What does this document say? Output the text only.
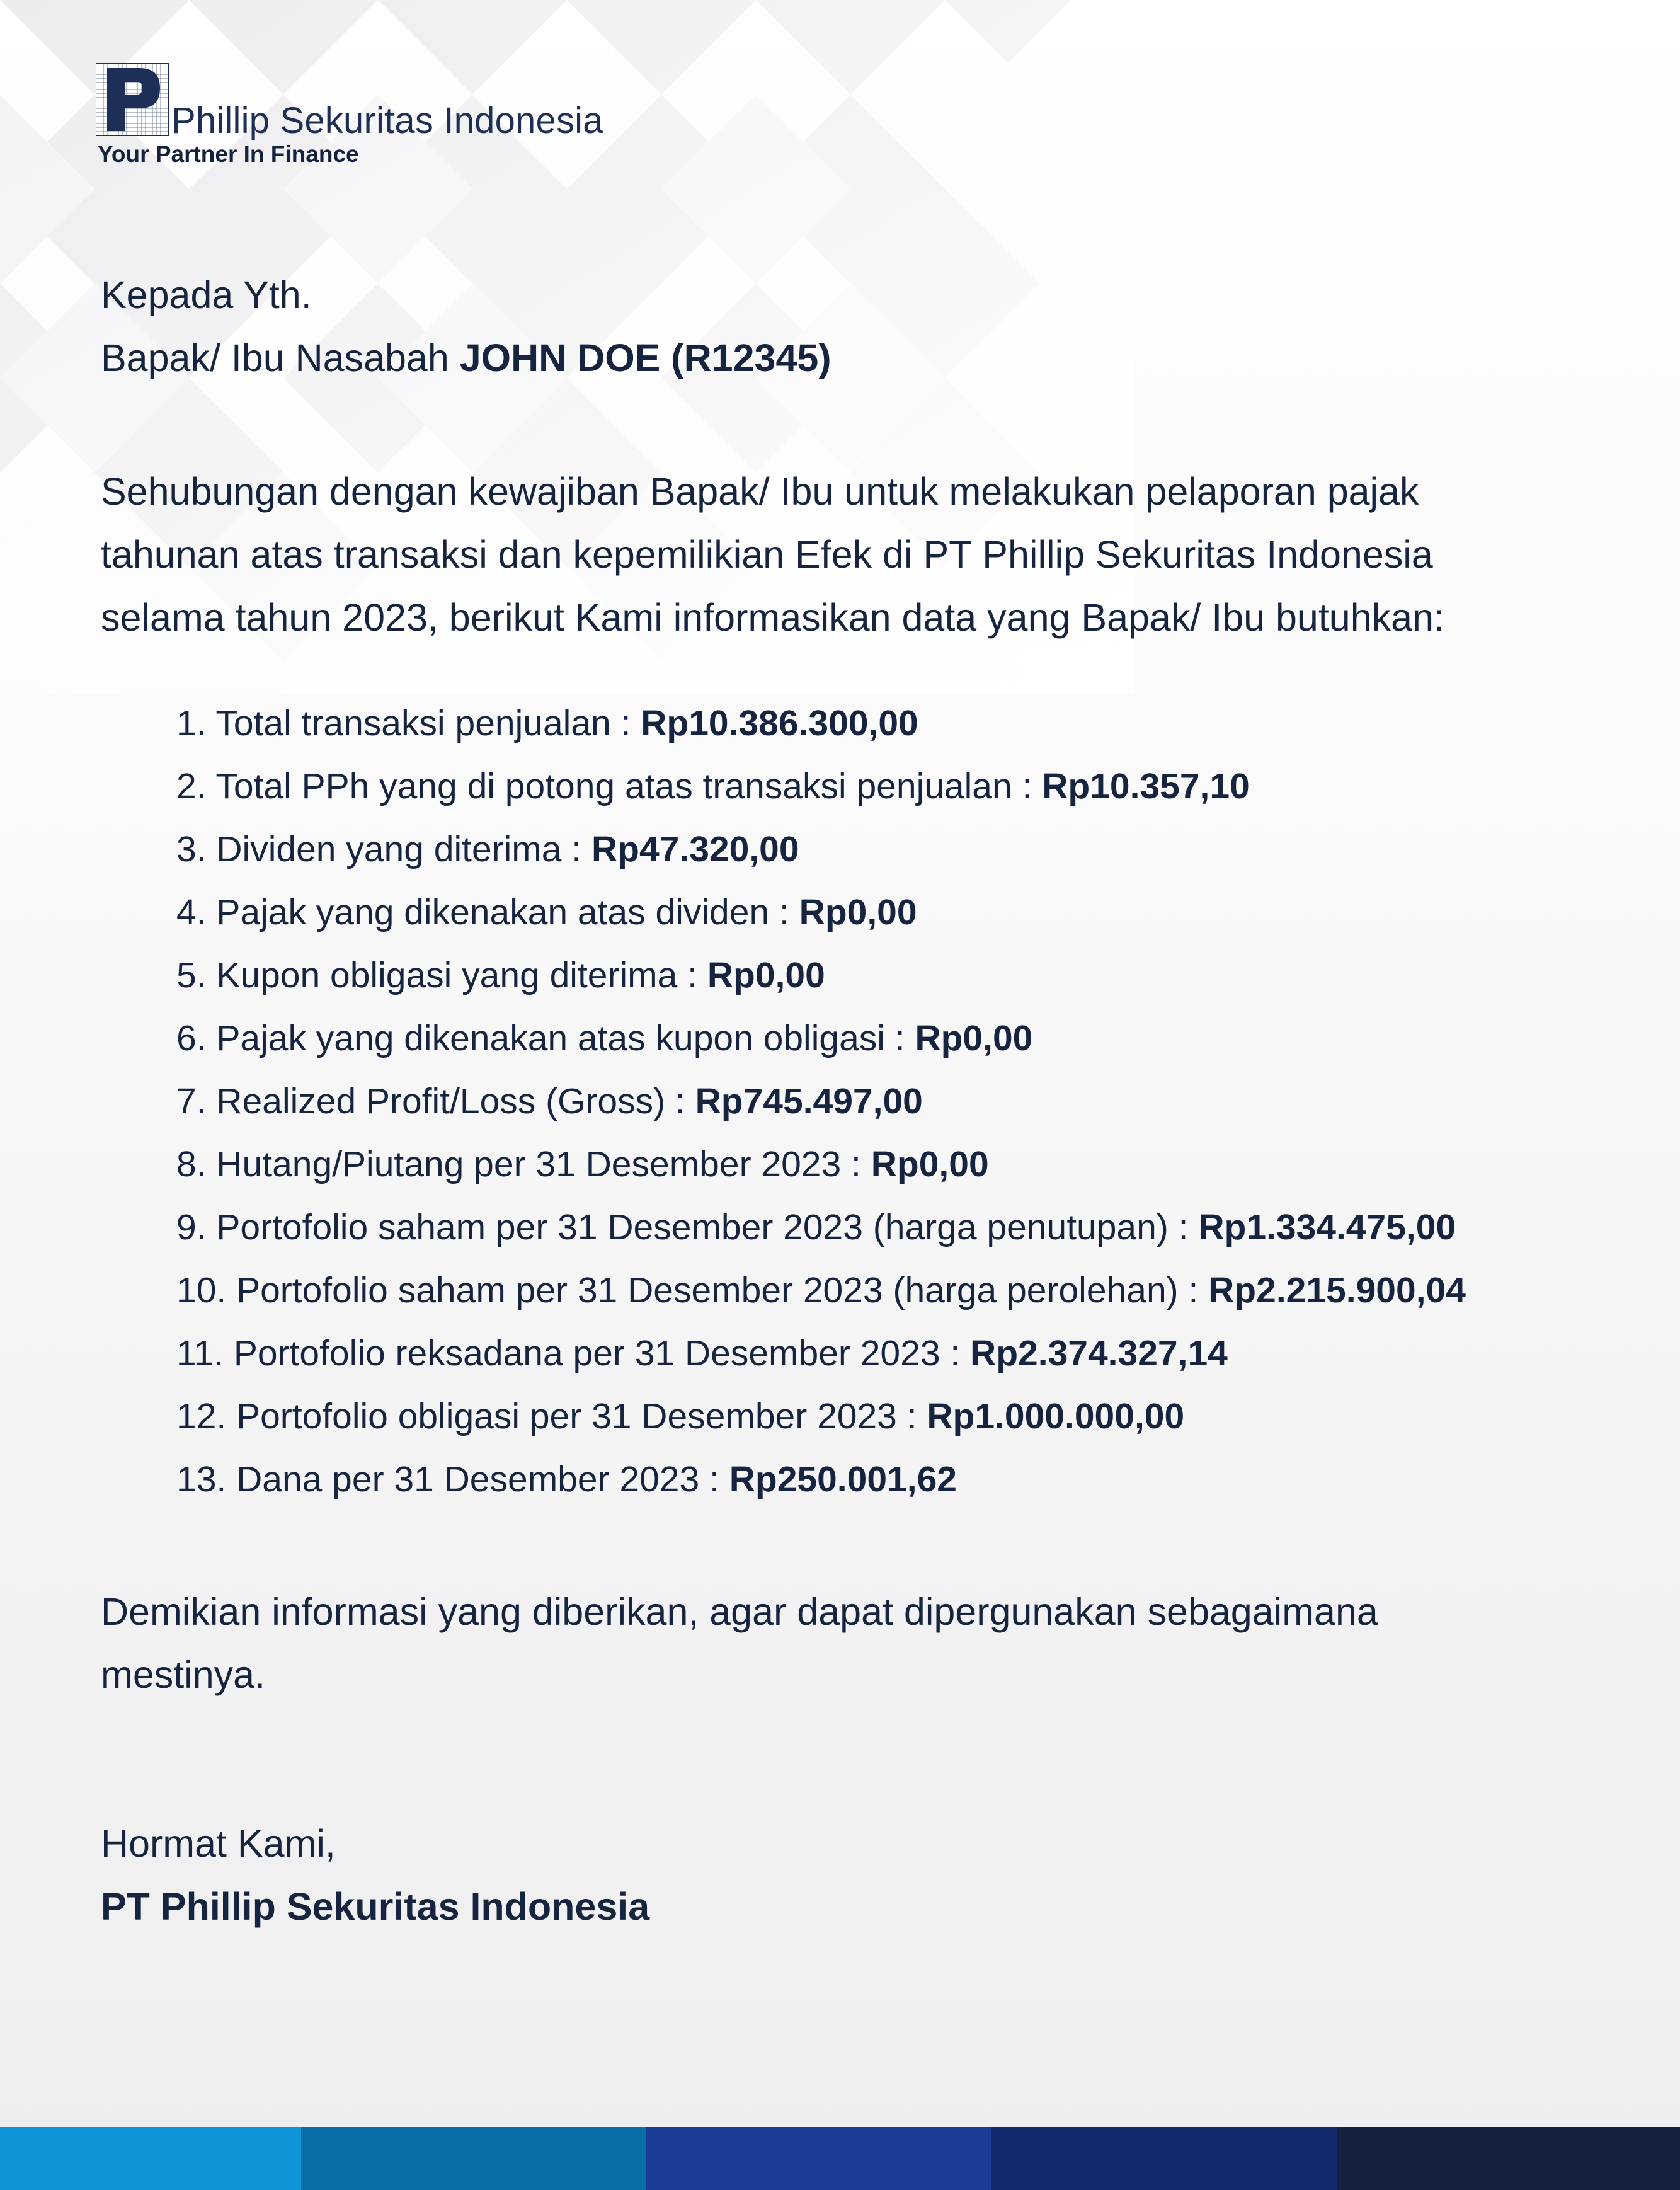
Phillip Sekuritas Indonesia
Your Partner In Finance
Kepada Yth.
Bapak/ Ibu Nasabah JOHN DOE (R12345)
Sehubungan dengan kewajiban Bapak/ Ibu untuk melakukan pelaporan pajak
tahunan atas transaksi dan kepemilikian Efek di PT Phillip Sekuritas Indonesia
selama tahun 2023, berikut Kami informasikan data yang Bapak/ Ibu butuhkan:
1. Total transaksi penjualan : Rp10.386.300,00
2. Total PPh yang di potong atas transaksi penjualan : Rp10.357,10
3. Dividen yang diterima : Rp47.320,00
4. Pajak yang dikenakan atas dividen : Rp0,00
5. Kupon obligasi yang diterima : Rp0,00
6. Pajak yang dikenakan atas kupon obligasi : Rp0,00
7. Realized Profit/Loss (Gross) : Rp745.497,00
8. Hutang/Piutang per 31 Desember 2023 : Rp0,00
9. Portofolio saham per 31 Desember 2023 (harga penutupan) : Rp1.334.475,00
10. Portofolio saham per 31 Desember 2023 (harga perolehan) : Rp2.215.900,04
11. Portofolio reksadana per 31 Desember 2023 : Rp2.374.327,14
12. Portofolio obligasi per 31 Desember 2023 : Rp1.000.000,00
13. Dana per 31 Desember 2023 : Rp250.001,62
Demikian informasi yang diberikan, agar dapat dipergunakan sebagaimana
mestinya.
Hormat Kami,
PT Phillip Sekuritas Indonesia
